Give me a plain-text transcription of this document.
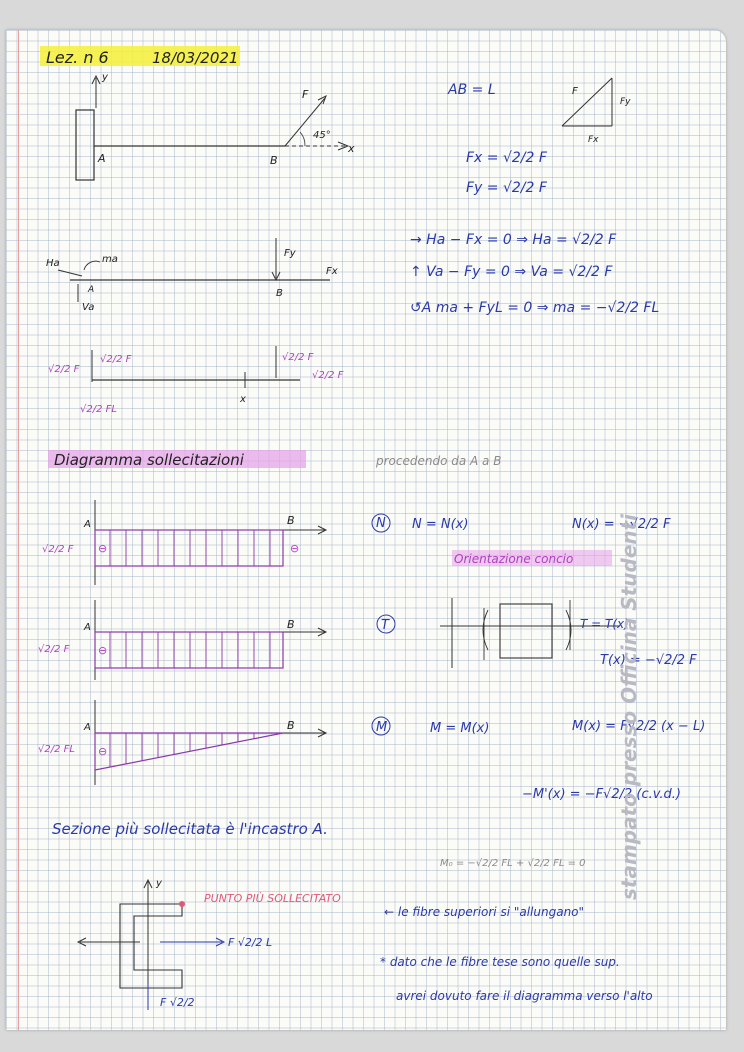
Lez. n 6	18/03/2021
y
x
A	B
F
45°
AB = L	F
Fy
Fx
Fx = √2/2 F
Fy = √2/2 F
Fy
Fx
B
Ha
Va
A
ma
→ Ha − Fx = 0 ⇒ Ha = √2/2 F
↑ Va − Fy = 0 ⇒ Va = √2/2 F
↺A ma + FyL = 0 ⇒ ma = −√2/2 FL
√2/2 F
√2/2 F
√2/2 FL
√2/2 F
√2/2 F
x
Diagramma sollecitazioni	procedendo da A a B
⊖	⊖
A	B
√2/2 F
N N = N(x)	N(x) = −√2/2 F
Orientazione concio
⊖
A	B
√2/2 F
T	T = T(x)
T(x) = −√2/2 F
⊖
A	B
√2/2 FL
M	M = M(x)	M(x) = F√2/2 (x − L)
−M'(x) = −F√2/2 (c.v.d.)
Sezione più sollecitata è l'incastro A.
M₀ = −√2/2 FL + √2/2 FL = 0
y
PUNTO PIÙ SOLLECITATO
F √2/2 L
F √2/2
← le fibre superiori si "allungano"
* dato che le fibre tese sono quelle sup.
avrei dovuto fare il diagramma verso l'alto
stampato presso Officina Studenti
